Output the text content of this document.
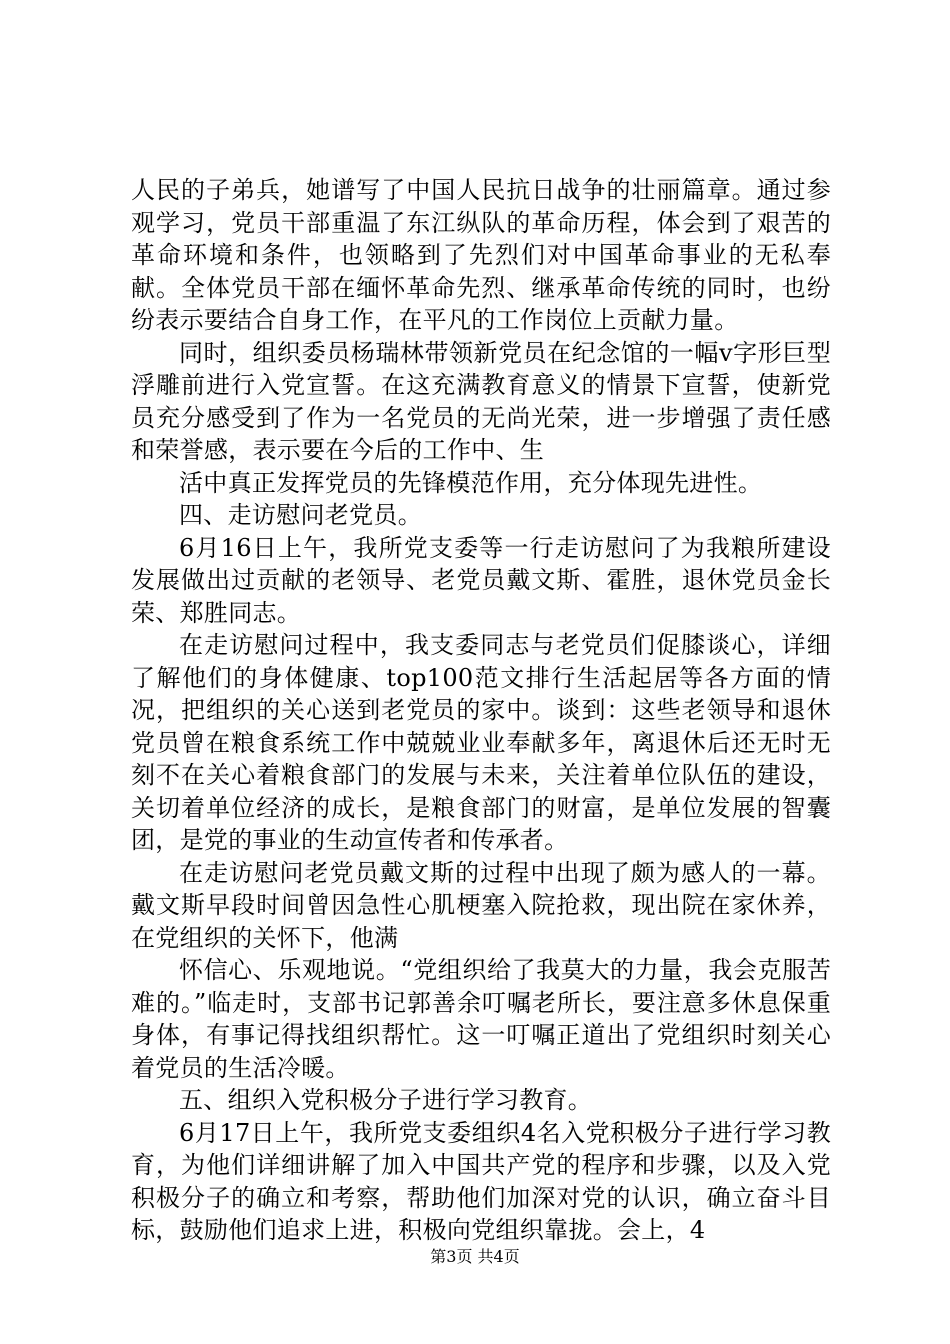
人民的子弟兵，她谱写了中国人民抗日战争的壮丽篇章。通过参观学习，党员干部重温了东江纵队的革命历程，体会到了艰苦的革命环境和条件，也领略到了先烈们对中国革命事业的无私奉献。全体党员干部在缅怀革命先烈、继承革命传统的同时，也纷纷表示要结合自身工作，在平凡的工作岗位上贡献力量。

同时，组织委员杨瑞林带领新党员在纪念馆的一幅v字形巨型浮雕前进行入党宣誓。在这充满教育意义的情景下宣誓，使新党员充分感受到了作为一名党员的无尚光荣，进一步增强了责任感和荣誉感，表示要在今后的工作中、生

活中真正发挥党员的先锋模范作用，充分体现先进性。

四、走访慰问老党员。

6月16日上午，我所党支委等一行走访慰问了为我粮所建设发展做出过贡献的老领导、老党员戴文斯、霍胜，退休党员金长荣、郑胜同志。

在走访慰问过程中，我支委同志与老党员们促膝谈心，详细了解他们的身体健康、top100范文排行生活起居等各方面的情况，把组织的关心送到老党员的家中。谈到：这些老领导和退休党员曾在粮食系统工作中兢兢业业奉献多年，离退休后还无时无刻不在关心着粮食部门的发展与未来，关注着单位队伍的建设，关切着单位经济的成长，是粮食部门的财富，是单位发展的智囊团，是党的事业的生动宣传者和传承者。

在走访慰问老党员戴文斯的过程中出现了颇为感人的一幕。戴文斯早段时间曾因急性心肌梗塞入院抢救，现出院在家休养，在党组织的关怀下，他满

怀信心、乐观地说。“党组织给了我莫大的力量，我会克服苦难的。”临走时，支部书记郭善余叮嘱老所长，要注意多休息保重身体，有事记得找组织帮忙。这一叮嘱正道出了党组织时刻关心着党员的生活冷暖。

五、组织入党积极分子进行学习教育。

6月17日上午，我所党支委组织4名入党积极分子进行学习教育，为他们详细讲解了加入中国共产党的程序和步骤，以及入党积极分子的确立和考察，帮助他们加深对党的认识，确立奋斗目标，鼓励他们追求上进，积极向党组织靠拢。会上，4

第3页 共4页
